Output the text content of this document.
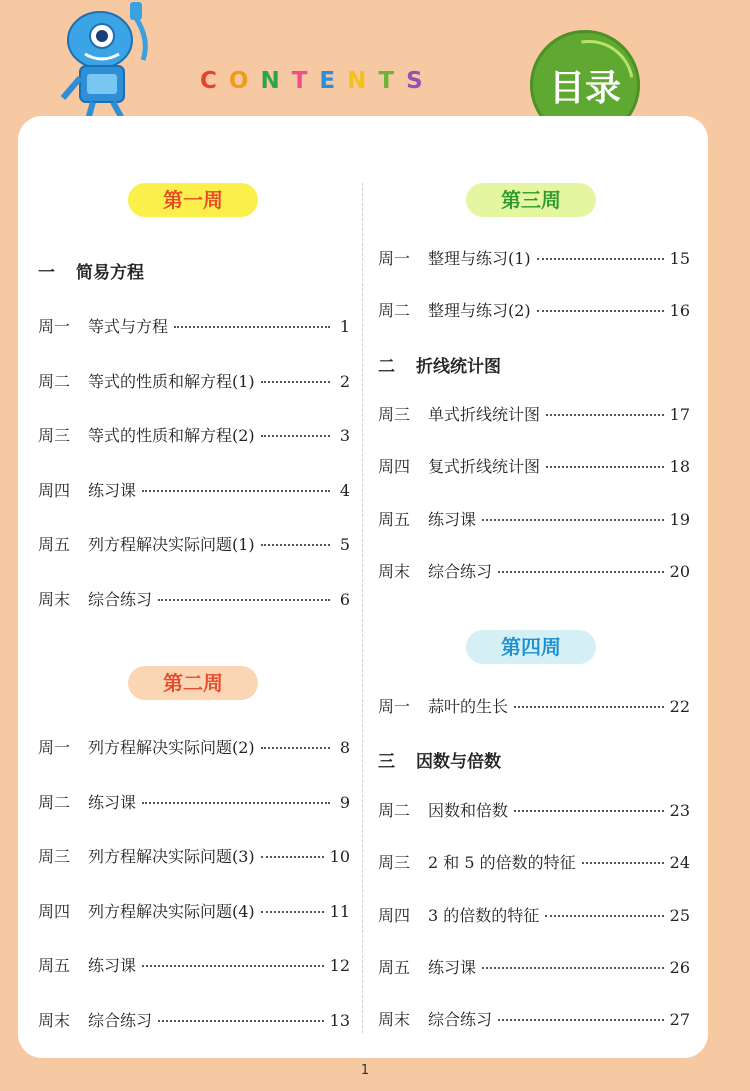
CONTENTS	目录
第一周
一 简易方程
周一	等式与方程	1
周二	等式的性质和解方程(1)	2
周三	等式的性质和解方程(2)	3
周四	练习课	4
周五	列方程解决实际问题(1)	5
周末	综合练习	6
第二周
周一	列方程解决实际问题(2)	8
周二	练习课	9
周三	列方程解决实际问题(3)	10
周四	列方程解决实际问题(4)	11
周五	练习课	12
周末	综合练习	13
第三周
周一	整理与练习(1)	15
周二	整理与练习(2)	16
二 折线统计图
周三	单式折线统计图	17
周四	复式折线统计图	18
周五	练习课	19
周末	综合练习	20
第四周
周一	蒜叶的生长	22
三 因数与倍数
周二	因数和倍数	23
周三	2 和 5 的倍数的特征	24
周四	3 的倍数的特征	25
周五	练习课	26
周末	综合练习	27
1
